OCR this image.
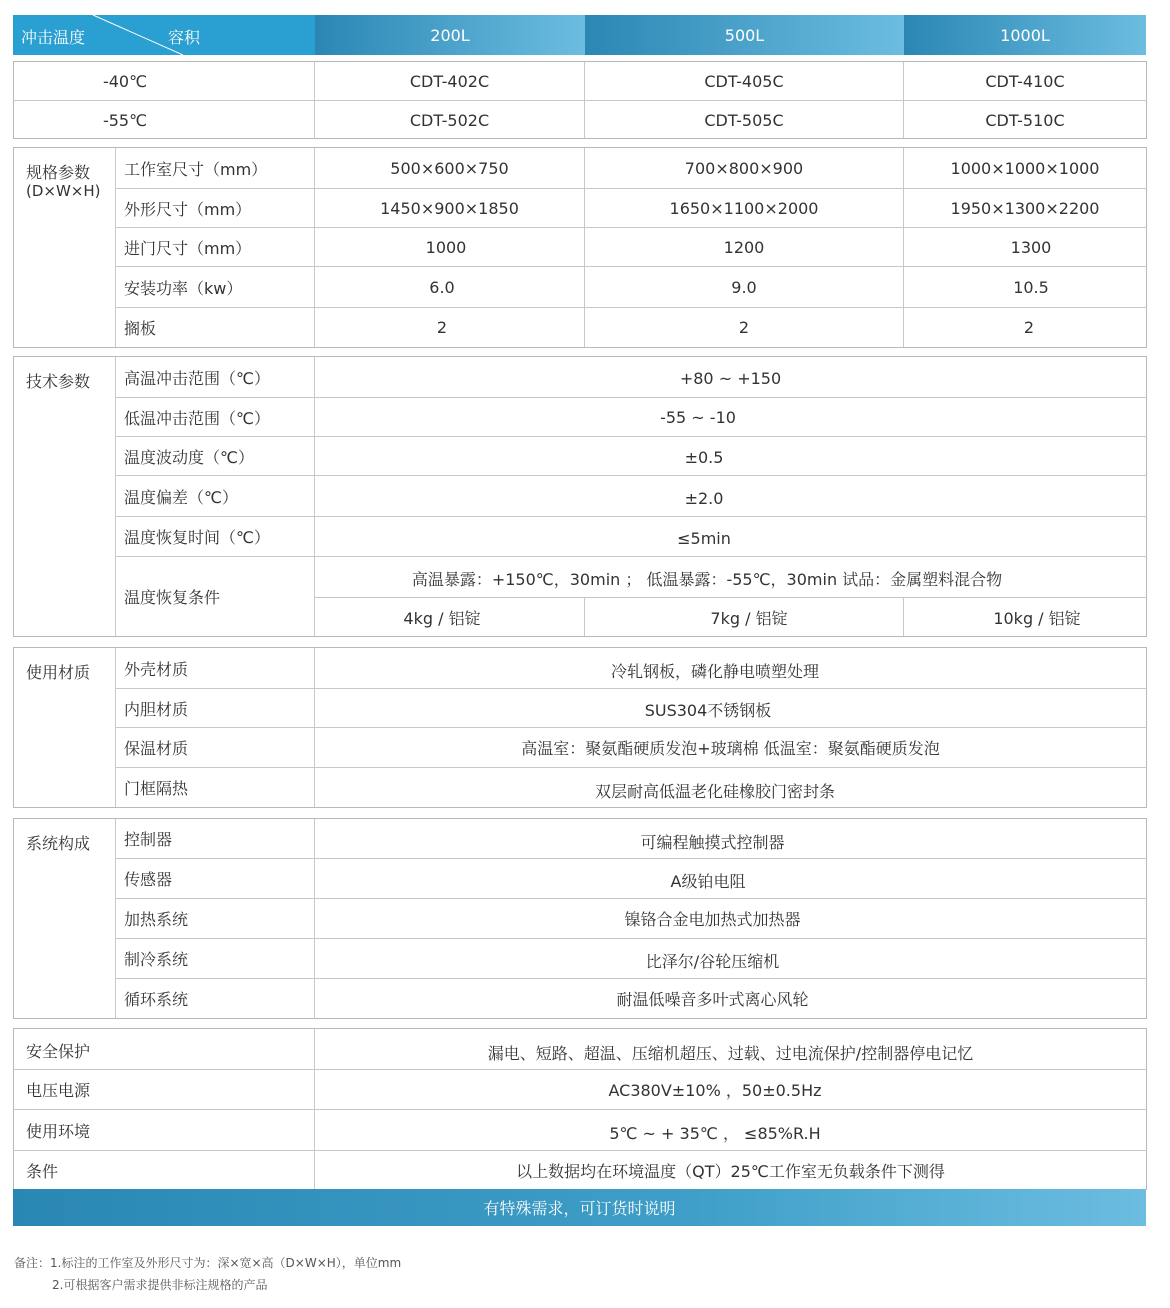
冲击温度	容积	200L	500L	1000L
-40℃	CDT-402C	CDT-405C	CDT-410C
-55℃	CDT-502C	CDT-505C	CDT-510C
规格参数
(D×W×H)
工作室尺寸（mm）	500×600×750	700×800×900	1000×1000×1000
外形尺寸（mm）	1450×900×1850	1650×1100×2000	1950×1300×2200
进门尺寸（mm）	1000	1200	1300
安装功率（kw）	6.0	9.0	10.5
搁板	2	2	2
技术参数	高温冲击范围（℃）	+80 ~ +150
低温冲击范围（℃）	-55 ~ -10
温度波动度（℃）	±0.5
温度偏差（℃）	±2.0
温度恢复时间（℃）	≤5min
温度恢复条件
高温暴露：+150℃，30min ； 低温暴露：-55℃，30min 试品：金属塑料混合物
4kg / 铝锭	7kg / 铝锭	10kg / 铝锭
使用材质	外壳材质	冷轧钢板，磷化静电喷塑处理
内胆材质	SUS304不锈钢板
保温材质	高温室：聚氨酯硬质发泡+玻璃棉 低温室：聚氨酯硬质发泡
门框隔热	双层耐高低温老化硅橡胶门密封条
系统构成	控制器	可编程触摸式控制器
传感器	A级铂电阻
加热系统	镍铬合金电加热式加热器
制冷系统	比泽尔/谷轮压缩机
循环系统	耐温低噪音多叶式离心风轮
安全保护	漏电、短路、超温、压缩机超压、过载、过电流保护/控制器停电记忆
电压电源	AC380V±10% ，50±0.5Hz
使用环境	5℃ ~ + 35℃ ， ≤85%R.H
条件	以上数据均在环境温度（QT）25℃工作室无负载条件下测得
有特殊需求，可订货时说明
备注：1.标注的工作室及外形尺寸为：深×宽×高（D×W×H），单位mm
2.可根据客户需求提供非标注规格的产品
